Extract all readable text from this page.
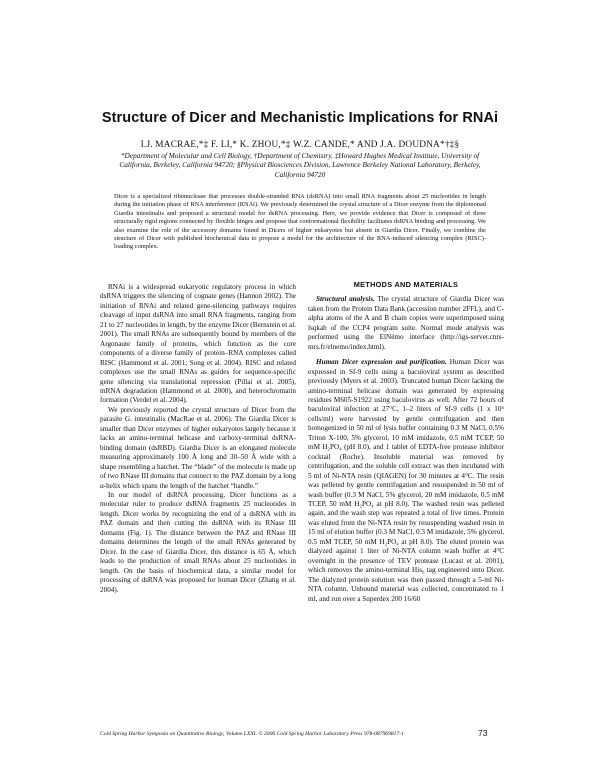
Structure of Dicer and Mechanistic Implications for RNAi
I.J. MACRAE,*‡ F. LI,* K. ZHOU,*‡ W.Z. CANDE,* AND J.A. DOUDNA*†‡§
*Department of Molecular and Cell Biology, †Department of Chemistry, ‡Howard Hughes Medical Institute, University of California, Berkeley, California 94720; §Physical Biosciences Division, Lawrence Berkeley National Laboratory, Berkeley, California 94720
Dicer is a specialized ribonuclease that processes double-stranded RNA (dsRNA) into small RNA fragments about 25 nucleotides in length during the initiation phase of RNA interference (RNAi). We previously determined the crystal structure of a Dicer enzyme from the diplomonad Giardia intestinalis and proposed a structural model for dsRNA processing. Here, we provide evidence that Dicer is composed of three structurally rigid regions connected by flexible hinges and propose that conformational flexibility facilitates dsRNA binding and processing. We also examine the role of the accessory domains found in Dicers of higher eukaryotes but absent in Giardia Dicer. Finally, we combine the structure of Dicer with published biochemical data to propose a model for the architecture of the RNA-induced silencing complex (RISC)-loading complex.

RNAi is a widespread eukaryotic regulatory process in which dsRNA triggers the silencing of cognate genes (Hannon 2002). The initiation of RNAi and related gene-silencing pathways requires cleavage of input dsRNA into small RNA fragments, ranging from 21 to 27 nucleotides in length, by the enzyme Dicer (Bernstein et al. 2001). The small RNAs are subsequently bound by members of the Argonaute family of proteins, which function as the core components of a diverse family of protein–RNA complexes called RISC (Hammond et al. 2001; Song et al. 2004). RISC and related complexes use the small RNAs as guides for sequence-specific gene silencing via translational repression (Pillai et al. 2005), mRNA degradation (Hammond et al. 2000), and heterochromatin formation (Verdel et al. 2004).

We previously reported the crystal structure of Dicer from the parasite G. intestinalis (MacRae et al. 2006). The Giardia Dicer is smaller than Dicer enzymes of higher eukaryotes largely because it lacks an amino-terminal helicase and carboxy-terminal dsRNA-binding domain (dsRBD). Giardia Dicer is an elongated molecule measuring approximately 100 Å long and 30–50 Å wide with a shape resembling a hatchet. The “blade” of the molecule is made up of two RNase III domains that connect to the PAZ domain by a long α-helix which spans the length of the hatchet “handle.”

In our model of dsRNA processing, Dicer functions as a molecular ruler to produce dsRNA fragments 25 nucleotides in length. Dicer works by recognizing the end of a dsRNA with its PAZ domain and then cutting the dsRNA with its RNase III domains (Fig. 1). The distance between the PAZ and RNase III domains determines the length of the small RNAs generated by Dicer. In the case of Giardia Dicer, this distance is 65 Å, which leads to the production of small RNAs about 25 nucleotides in length. On the basis of biochemical data, a similar model for processing of dsRNA was proposed for human Dicer (Zhang et al. 2004).

METHODS AND MATERIALS

Structural analysis. The crystal structure of Giardia Dicer was taken from the Protein Data Bank (accession number 2FFL), and C-alpha atoms of the A and B chain copies were superimposed using lsqkab of the CCP4 program suite. Normal mode analysis was performed using the ElNémo interface (http://igs-server.cnrs-mrs.fr/elnemo/index.html).

Human Dicer expression and purification. Human Dicer was expressed in Sf-9 cells using a baculoviral system as described previously (Myers et al. 2003). Truncated human Dicer lacking the amino-terminal helicase domain was generated by expressing residues M605-S1922 using baculovirus as well. After 72 hours of baculoviral infection at 27°C, 1–2 liters of Sf-9 cells (1 x 10⁶ cells/ml) were harvested by gentle centrifugation and then homogenized in 50 ml of lysis buffer containing 0.3 M NaCl, 0.5% Triton X-100, 5% glycerol, 10 mM imidazole, 0.5 mM TCEP, 50 mM H₂PO₄ (pH 8.0), and 1 tablet of EDTA-free protease inhibitor cocktail (Roche). Insoluble material was removed by centrifugation, and the soluble cell extract was then incubated with 5 ml of Ni-NTA resin (QIAGEN) for 30 minutes at 4°C. The resin was pelleted by gentle centrifugation and resuspended in 50 ml of wash buffer (0.3 M NaCl, 5% glycerol, 20 mM imidazole, 0.5 mM TCEP, 50 mM H₂PO₄ at pH 8.0). The washed resin was pelleted again, and the wash step was repeated a total of five times. Protein was eluted from the Ni-NTA resin by resuspending washed resin in 15 ml of elution buffer (0.3 M NaCl, 0.3 M imidazole, 5% glycerol, 0.5 mM TCEP, 50 mM H₂PO₄ at pH 8.0). The eluted protein was dialyzed against 1 liter of Ni-NTA column wash buffer at 4°C overnight in the presence of TEV protease (Lucast et al. 2001), which removes the amino-terminal His₆ tag engineered onto Dicer. The dialyzed protein solution was then passed through a 5-ml Ni-NTA column. Unbound material was collected, concentrated to 1 ml, and run over a Superdex 200 16/60

Cold Spring Harbor Symposia on Quantitative Biology, Volume LXXI. © 2006 Cold Spring Harbor Laboratory Press 978-087969817-1	73
